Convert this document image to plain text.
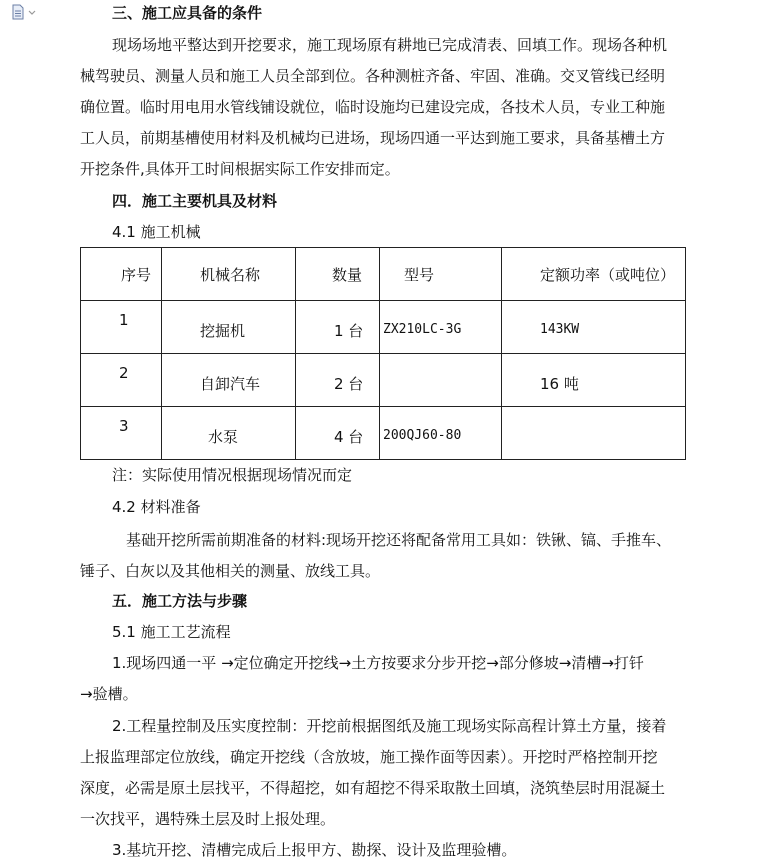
三、施工应具备的条件
现场场地平整达到开挖要求，施工现场原有耕地已完成清表、回填工作。现场各种机
械驾驶员、测量人员和施工人员全部到位。各种测桩齐备、牢固、准确。交叉管线已经明
确位置。临时用电用水管线铺设就位，临时设施均已建设完成，各技术人员，专业工种施
工人员，前期基槽使用材料及机械均已进场，现场四通一平达到施工要求，具备基槽土方
开挖条件,具体开工时间根据实际工作安排而定。
四．施工主要机具及材料
4.1 施工机械
序号	机械名称	数量	型号	定额功率（或吨位）

1	挖掘机	1 台	ZX210LC-3G	143KW

2	自卸汽车	2 台		16 吨

3	水泵	4 台	200QJ60-80	

注：实际使用情况根据现场情况而定
4.2 材料准备
基础开挖所需前期准备的材料:现场开挖还将配备常用工具如：铁锹、镐、手推车、
锤子、白灰以及其他相关的测量、放线工具。
五．施工方法与步骤
5.1 施工工艺流程
1.现场四通一平 →定位确定开挖线→土方按要求分步开挖→部分修坡→清槽→打钎
→验槽。
2.工程量控制及压实度控制：开挖前根据图纸及施工现场实际高程计算土方量，接着
上报监理部定位放线，确定开挖线（含放坡，施工操作面等因素）。开挖时严格控制开挖
深度，必需是原土层找平，不得超挖，如有超挖不得采取散土回填，浇筑垫层时用混凝土
一次找平，遇特殊土层及时上报处理。
3.基坑开挖、清槽完成后上报甲方、勘探、设计及监理验槽。
